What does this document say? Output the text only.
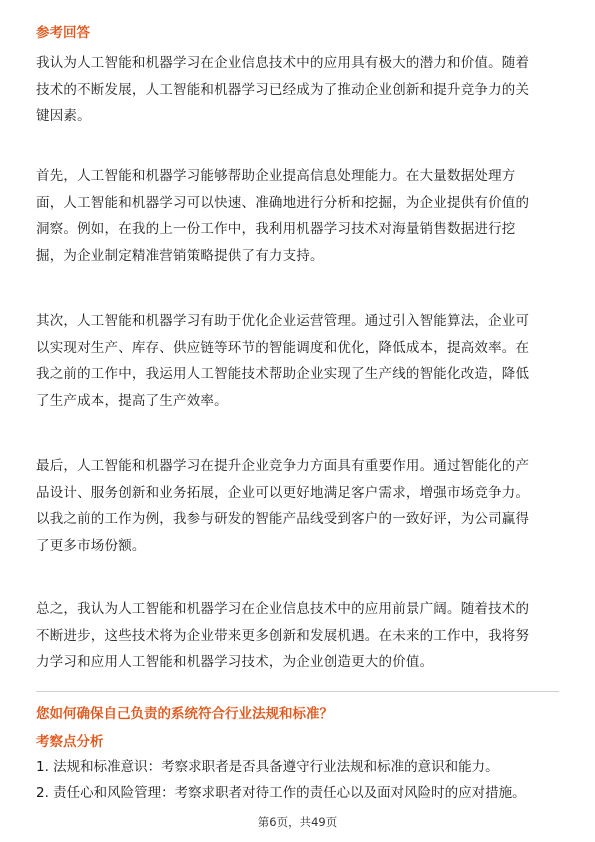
参考回答
我认为人工智能和机器学习在企业信息技术中的应用具有极大的潜力和价值。随着
技术的不断发展，人工智能和机器学习已经成为了推动企业创新和提升竞争力的关
键因素。
首先，人工智能和机器学习能够帮助企业提高信息处理能力。在大量数据处理方
面，人工智能和机器学习可以快速、准确地进行分析和挖掘，为企业提供有价值的
洞察。例如，在我的上一份工作中，我利用机器学习技术对海量销售数据进行挖
掘，为企业制定精准营销策略提供了有力支持。
其次，人工智能和机器学习有助于优化企业运营管理。通过引入智能算法，企业可
以实现对生产、库存、供应链等环节的智能调度和优化，降低成本，提高效率。在
我之前的工作中，我运用人工智能技术帮助企业实现了生产线的智能化改造，降低
了生产成本，提高了生产效率。
最后，人工智能和机器学习在提升企业竞争力方面具有重要作用。通过智能化的产
品设计、服务创新和业务拓展，企业可以更好地满足客户需求，增强市场竞争力。
以我之前的工作为例，我参与研发的智能产品线受到客户的一致好评，为公司赢得
了更多市场份额。
总之，我认为人工智能和机器学习在企业信息技术中的应用前景广阔。随着技术的
不断进步，这些技术将为企业带来更多创新和发展机遇。在未来的工作中，我将努
力学习和应用人工智能和机器学习技术，为企业创造更大的价值。
您如何确保自己负责的系统符合行业法规和标准？
考察点分析
1. 法规和标准意识：考察求职者是否具备遵守行业法规和标准的意识和能力。
2. 责任心和风险管理：考察求职者对待工作的责任心以及面对风险时的应对措施。
第6页，共49页
